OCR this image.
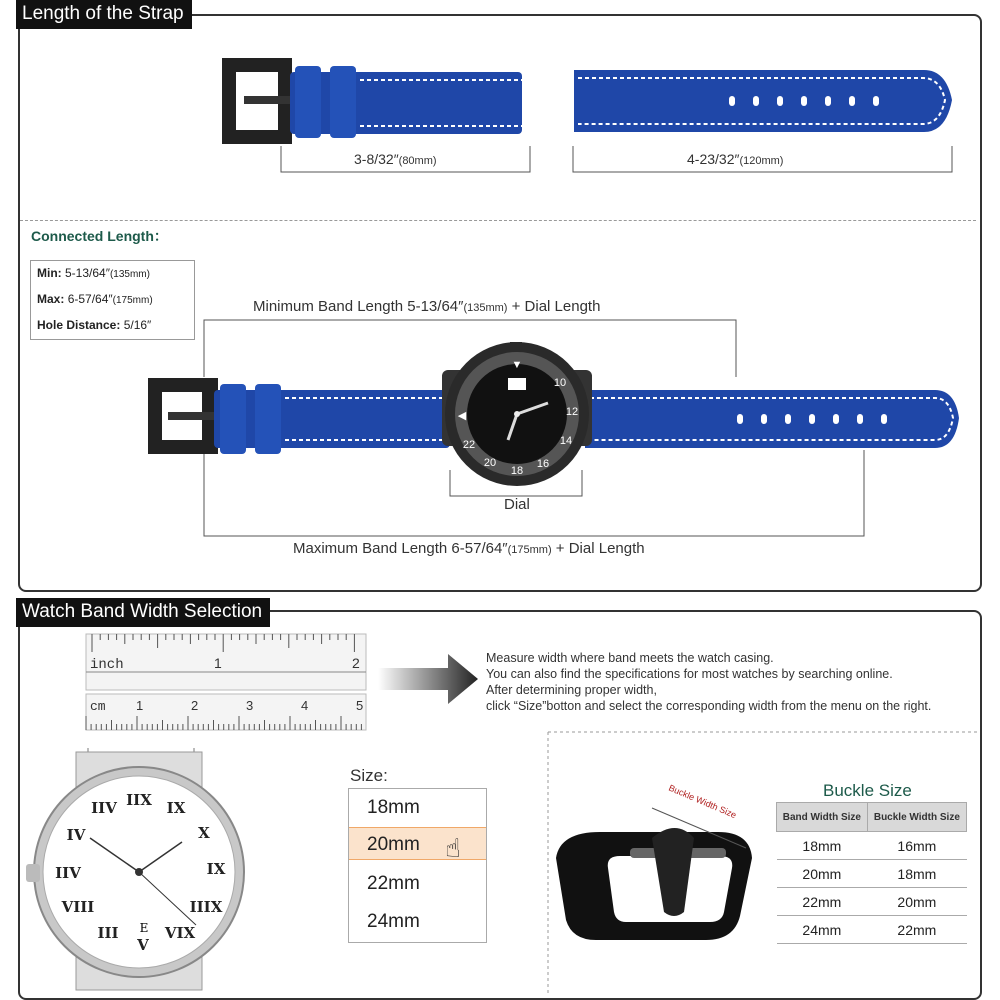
Length of the Strap
Watch Band Width Selection
▼
10
12
14
16
18
20
22
◀
3-8/32″(80mm)	4-23/32″(120mm)
Connected Length：
Min: 5-13/64″(135mm)
Max: 6-57/64″(175mm)
Hole Distance: 5/16″
Minimum Band Length 5-13/64″(135mm) + Dial Length
Dial
Maximum Band Length 6-57/64″(175mm) + Dial Length
inch	1	2
cm 1	2	3	4	5
IIX IX
X
IX
IIIX
VIX
V
III
VIII
IIV
IV
IIV
E
Buckle Width Size
Measure width where band meets the watch casing.
You can also find the specifications for most watches by searching online.
After determining proper width,
click “Size”botton and select the corresponding width from the menu on the right.
Size:
18mm
20mm
22mm
24mm
☝
Buckle Size
Band Width Size	Buckle Width Size
18mm	16mm
20mm	18mm
22mm	20mm
24mm	22mm
